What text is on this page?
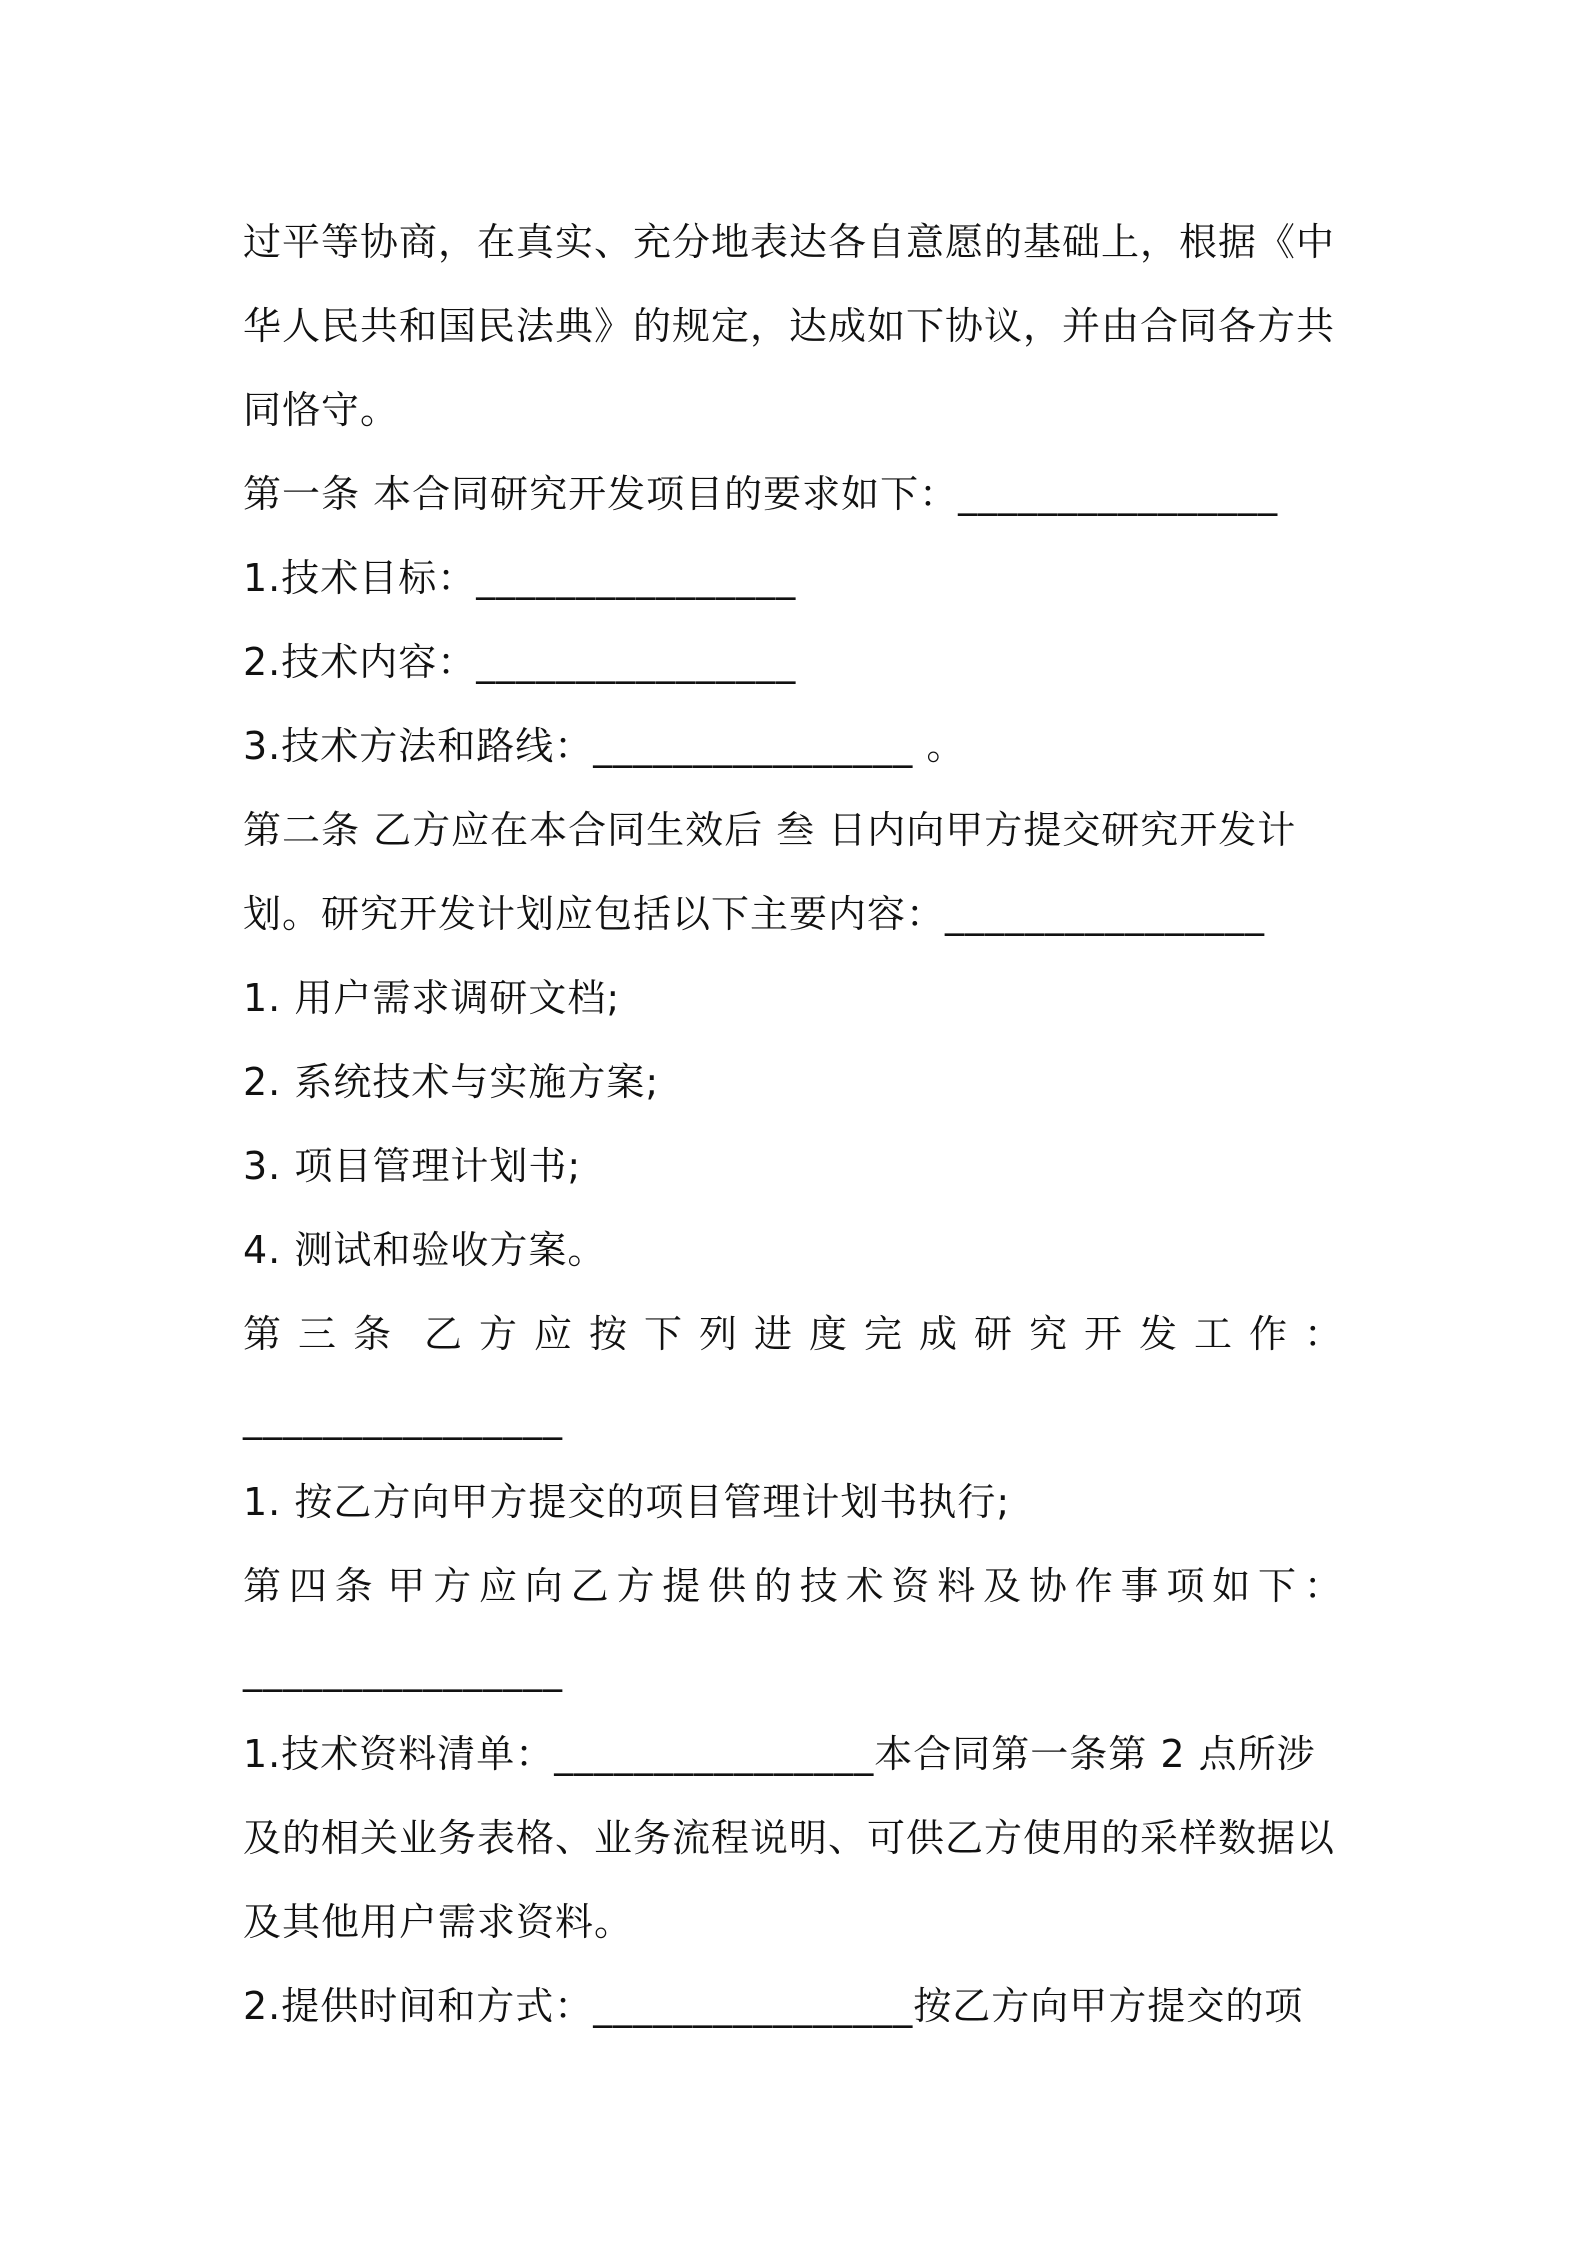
过平等协商，在真实、充分地表达各自意愿的基础上，根据《中
华人民共和国民法典》的规定，达成如下协议，并由合同各方共
同恪守。
第一条 本合同研究开发项目的要求如下：________________
1.技术目标：________________
2.技术内容：________________
3.技术方法和路线：________________ 。
第二条 乙方应在本合同生效后 叁 日内向甲方提交研究开发计
划。研究开发计划应包括以下主要内容：________________
1. 用户需求调研文档;
2. 系统技术与实施方案;
3. 项目管理计划书;
4. 测试和验收方案。
第 三 条 乙 方 应 按 下 列 进 度 完 成 研 究 开 发 工 作 ：
________________
1. 按乙方向甲方提交的项目管理计划书执行;
第 四 条 甲 方 应 向 乙 方 提 供 的 技 术 资 料 及 协 作 事 项 如 下 ：
________________
1.技术资料清单：________________本合同第一条第 2 点所涉
及的相关业务表格、业务流程说明、可供乙方使用的采样数据以
及其他用户需求资料。
2.提供时间和方式：________________按乙方向甲方提交的项
